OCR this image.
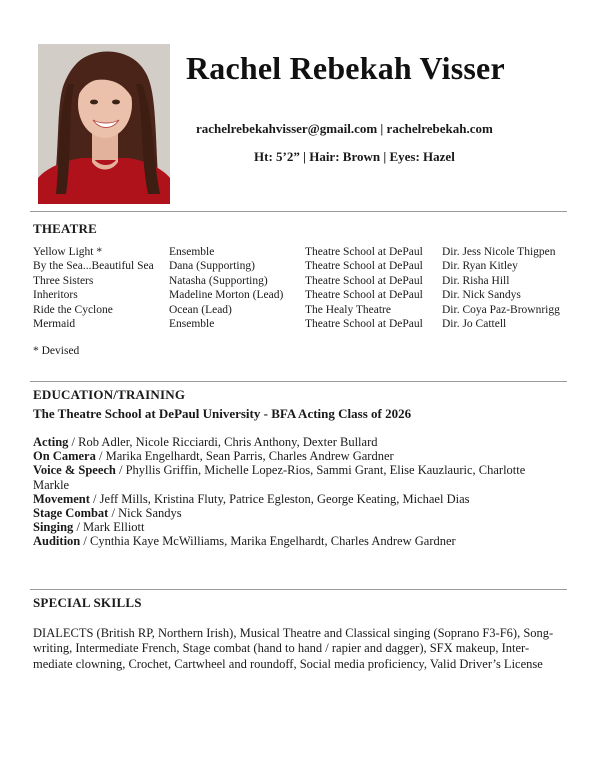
Rachel Rebekah Visser
rachelrebekahvisser@gmail.com | rachelrebekah.com
Ht: 5’2” | Hair: Brown | Eyes: Hazel
THEATRE
Yellow Light *	Ensemble	Theatre School at DePaul	Dir. Jess Nicole Thigpen
By the Sea...Beautiful Sea	Dana (Supporting)	Theatre School at DePaul	Dir. Ryan Kitley
Three Sisters	Natasha (Supporting)	Theatre School at DePaul	Dir. Risha Hill
Inheritors	Madeline Morton (Lead)	Theatre School at DePaul	Dir. Nick Sandys
Ride the Cyclone	Ocean (Lead)	The Healy Theatre	Dir. Coya Paz-Brownrigg
Mermaid	Ensemble	Theatre School at DePaul	Dir. Jo Cattell
* Devised
EDUCATION/TRAINING
The Theatre School at DePaul University - BFA Acting Class of 2026
Acting / Rob Adler, Nicole Ricciardi, Chris Anthony, Dexter Bullard
On Camera / Marika Engelhardt, Sean Parris, Charles Andrew Gardner
Voice & Speech / Phyllis Griffin, Michelle Lopez-Rios, Sammi Grant, Elise Kauzlauric, Charlotte Markle
Movement / Jeff Mills, Kristina Fluty, Patrice Egleston, George Keating, Michael Dias
Stage Combat / Nick Sandys
Singing / Mark Elliott
Audition / Cynthia Kaye McWilliams, Marika Engelhardt, Charles Andrew Gardner
SPECIAL SKILLS
DIALECTS (British RP, Northern Irish), Musical Theatre and Classical singing (Soprano F3-F6), Song-writing, Intermediate French, Stage combat (hand to hand / rapier and dagger), SFX makeup, Inter-mediate clowning, Crochet, Cartwheel and roundoff, Social media proficiency, Valid Driver’s License
